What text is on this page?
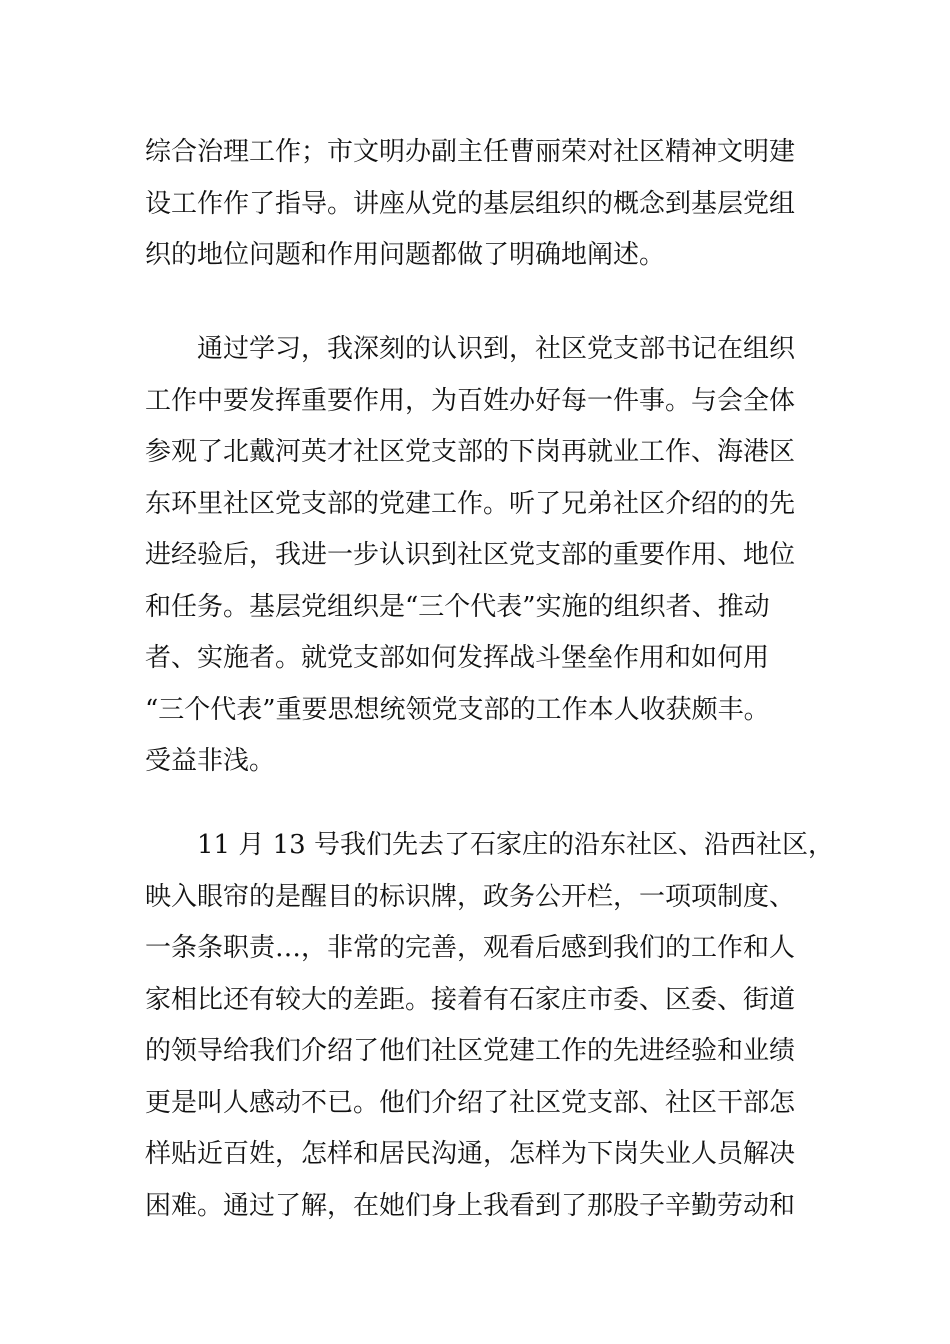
综合治理工作；市文明办副主任曹丽荣对社区精神文明建
设工作作了指导。讲座从党的基层组织的概念到基层党组
织的地位问题和作用问题都做了明确地阐述。
通过学习，我深刻的认识到，社区党支部书记在组织
工作中要发挥重要作用，为百姓办好每一件事。与会全体
参观了北戴河英才社区党支部的下岗再就业工作、海港区
东环里社区党支部的党建工作。听了兄弟社区介绍的的先
进经验后，我进一步认识到社区党支部的重要作用、地位
和任务。基层党组织是“三个代表”实施的组织者、推动
者、实施者。就党支部如何发挥战斗堡垒作用和如何用
“三个代表”重要思想统领党支部的工作本人收获颇丰。
受益非浅。
11 月 13 号我们先去了石家庄的沿东社区、沿西社区，
映入眼帘的是醒目的标识牌，政务公开栏，一项项制度、
一条条职责…，非常的完善，观看后感到我们的工作和人
家相比还有较大的差距。接着有石家庄市委、区委、街道
的领导给我们介绍了他们社区党建工作的先进经验和业绩
更是叫人感动不已。他们介绍了社区党支部、社区干部怎
样贴近百姓，怎样和居民沟通，怎样为下岗失业人员解决
困难。通过了解，在她们身上我看到了那股子辛勤劳动和
